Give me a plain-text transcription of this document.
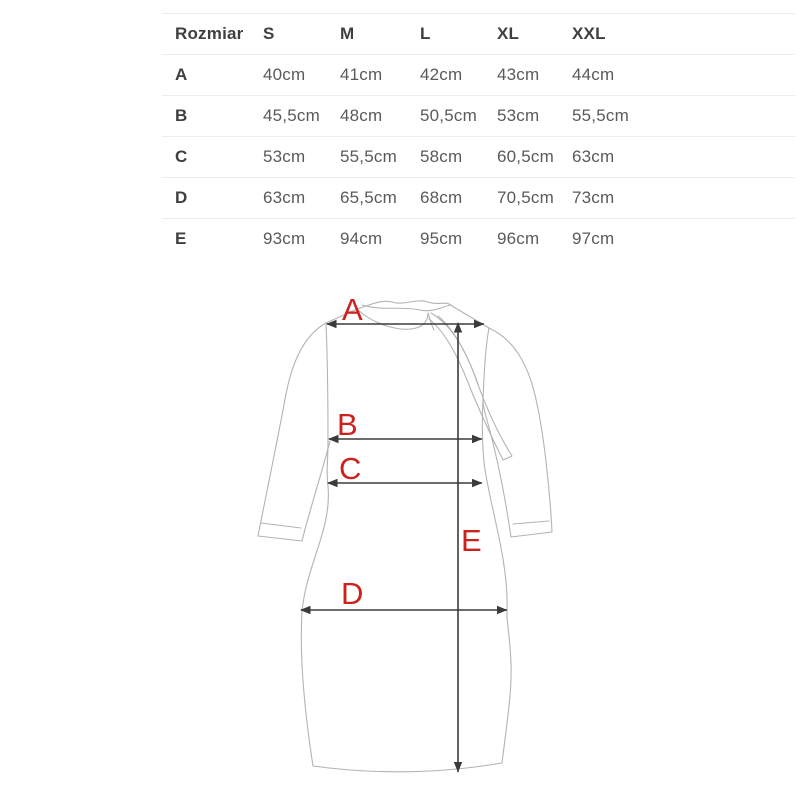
Rozmiar	S	M	L	XL	XXL
A	40cm	41cm	42cm	43cm	44cm
B	45,5cm	48cm	50,5cm	53cm	55,5cm
C	53cm	55,5cm	58cm	60,5cm	63cm
D	63cm	65,5cm	68cm	70,5cm	73cm
E	93cm	94cm	95cm	96cm	97cm
A
B
C
D
E
